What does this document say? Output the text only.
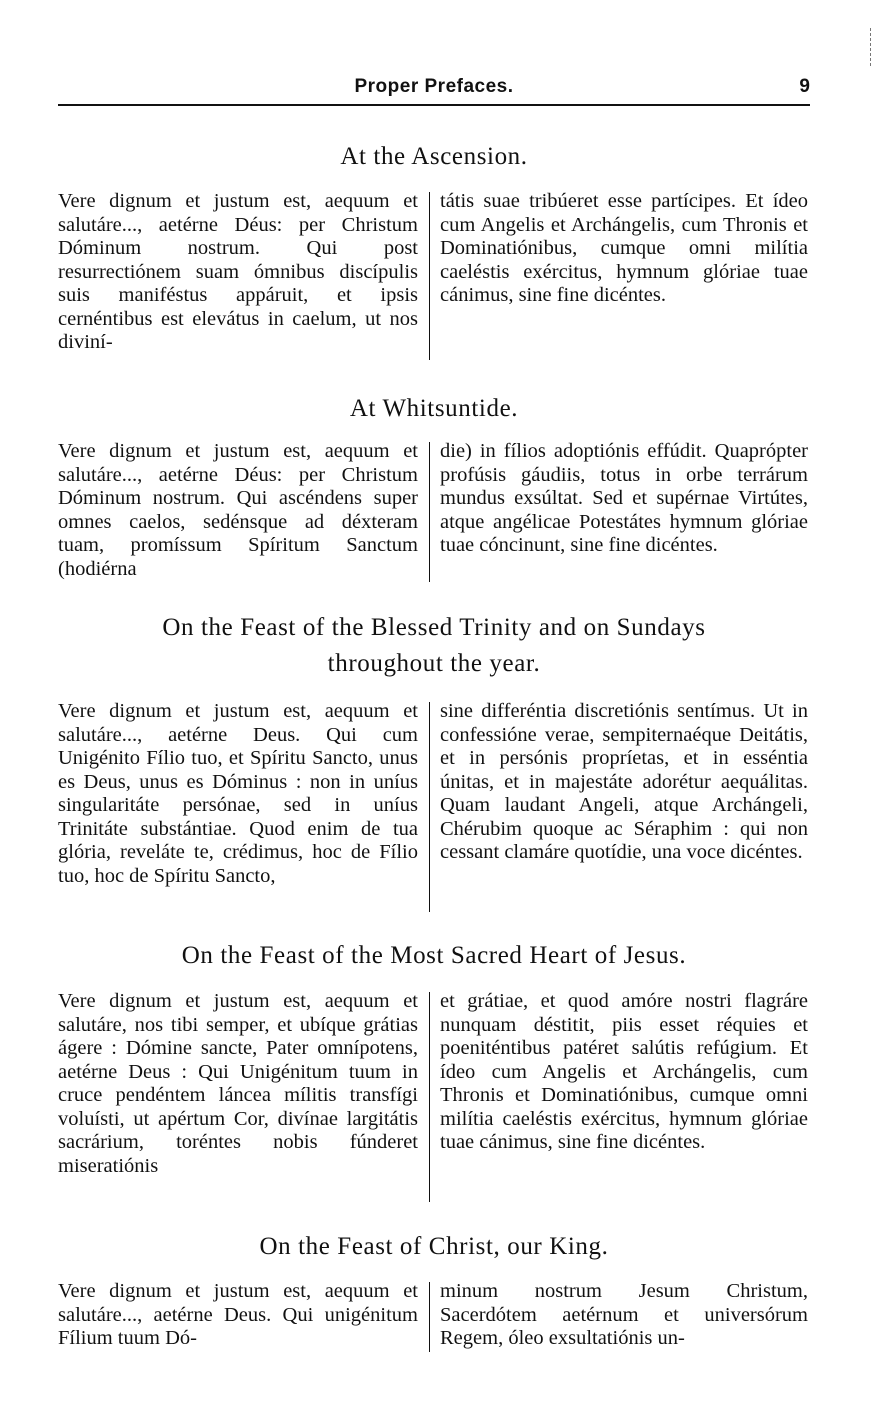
Proper Prefaces.	9
At the Ascension.

Vere dignum et justum est, aequum et salutáre..., aetérne Déus: per Christum Dóminum nostrum. Qui post resurrectiónem suam ómnibus discípulis suis maniféstus appáruit, et ipsis cernéntibus est elevátus in caelum, ut nos diviní-

tátis suae tribúeret esse partícipes. Et ídeo cum Angelis et Archángelis, cum Thronis et Dominatiónibus, cumque omni milítia caeléstis exércitus, hymnum glóriae tuae cánimus, sine fine dicéntes.

At Whitsuntide.

Vere dignum et justum est, aequum et salutáre..., aetérne Déus: per Christum Dóminum nostrum. Qui ascéndens super omnes caelos, sedénsque ad déxteram tuam, promíssum Spíritum Sanctum (hodiérna

die) in fílios adoptiónis effúdit. Quaprópter profúsis gáudiis, totus in orbe terrárum mundus exsúltat. Sed et supérnae Virtútes, atque angélicae Potestátes hymnum glóriae tuae cóncinunt, sine fine dicéntes.

On the Feast of the Blessed Trinity and on Sundays
throughout the year.

Vere dignum et justum est, aequum et salutáre..., aetérne Deus. Qui cum Unigénito Fílio tuo, et Spíritu Sancto, unus es Deus, unus es Dóminus : non in uníus singularitáte persónae, sed in uníus Trinitáte substántiae. Quod enim de tua glória, reveláte te, crédimus, hoc de Fílio tuo, hoc de Spíritu Sancto,

sine differéntia discretiónis sentímus. Ut in confessióne verae, sempiternaéque Deitátis, et in persónis propríetas, et in esséntia únitas, et in majestáte adorétur aequálitas. Quam laudant Angeli, atque Archángeli, Chérubim quoque ac Séraphim : qui non cessant clamáre quotídie, una voce dicéntes.

On the Feast of the Most Sacred Heart of Jesus.

Vere dignum et justum est, aequum et salutáre, nos tibi semper, et ubíque grátias ágere : Dómine sancte, Pater omnípotens, aetérne Deus : Qui Unigénitum tuum in cruce pendéntem láncea mílitis transfígi voluísti, ut apértum Cor, divínae largitátis sacrárium, toréntes nobis fúnderet miseratiónis

et grátiae, et quod amóre nostri flagráre nunquam déstitit, piis esset réquies et poeniténtibus patéret salútis refúgium. Et ídeo cum Angelis et Archángelis, cum Thronis et Dominatiónibus, cumque omni milítia caeléstis exércitus, hymnum glóriae tuae cánimus, sine fine dicéntes.

On the Feast of Christ, our King.

Vere dignum et justum est, aequum et salutáre..., aetérne Deus. Qui unigénitum Fílium tuum Dó-

minum nostrum Jesum Christum, Sacerdótem aetérnum et universórum Regem, óleo exsultatiónis un-
